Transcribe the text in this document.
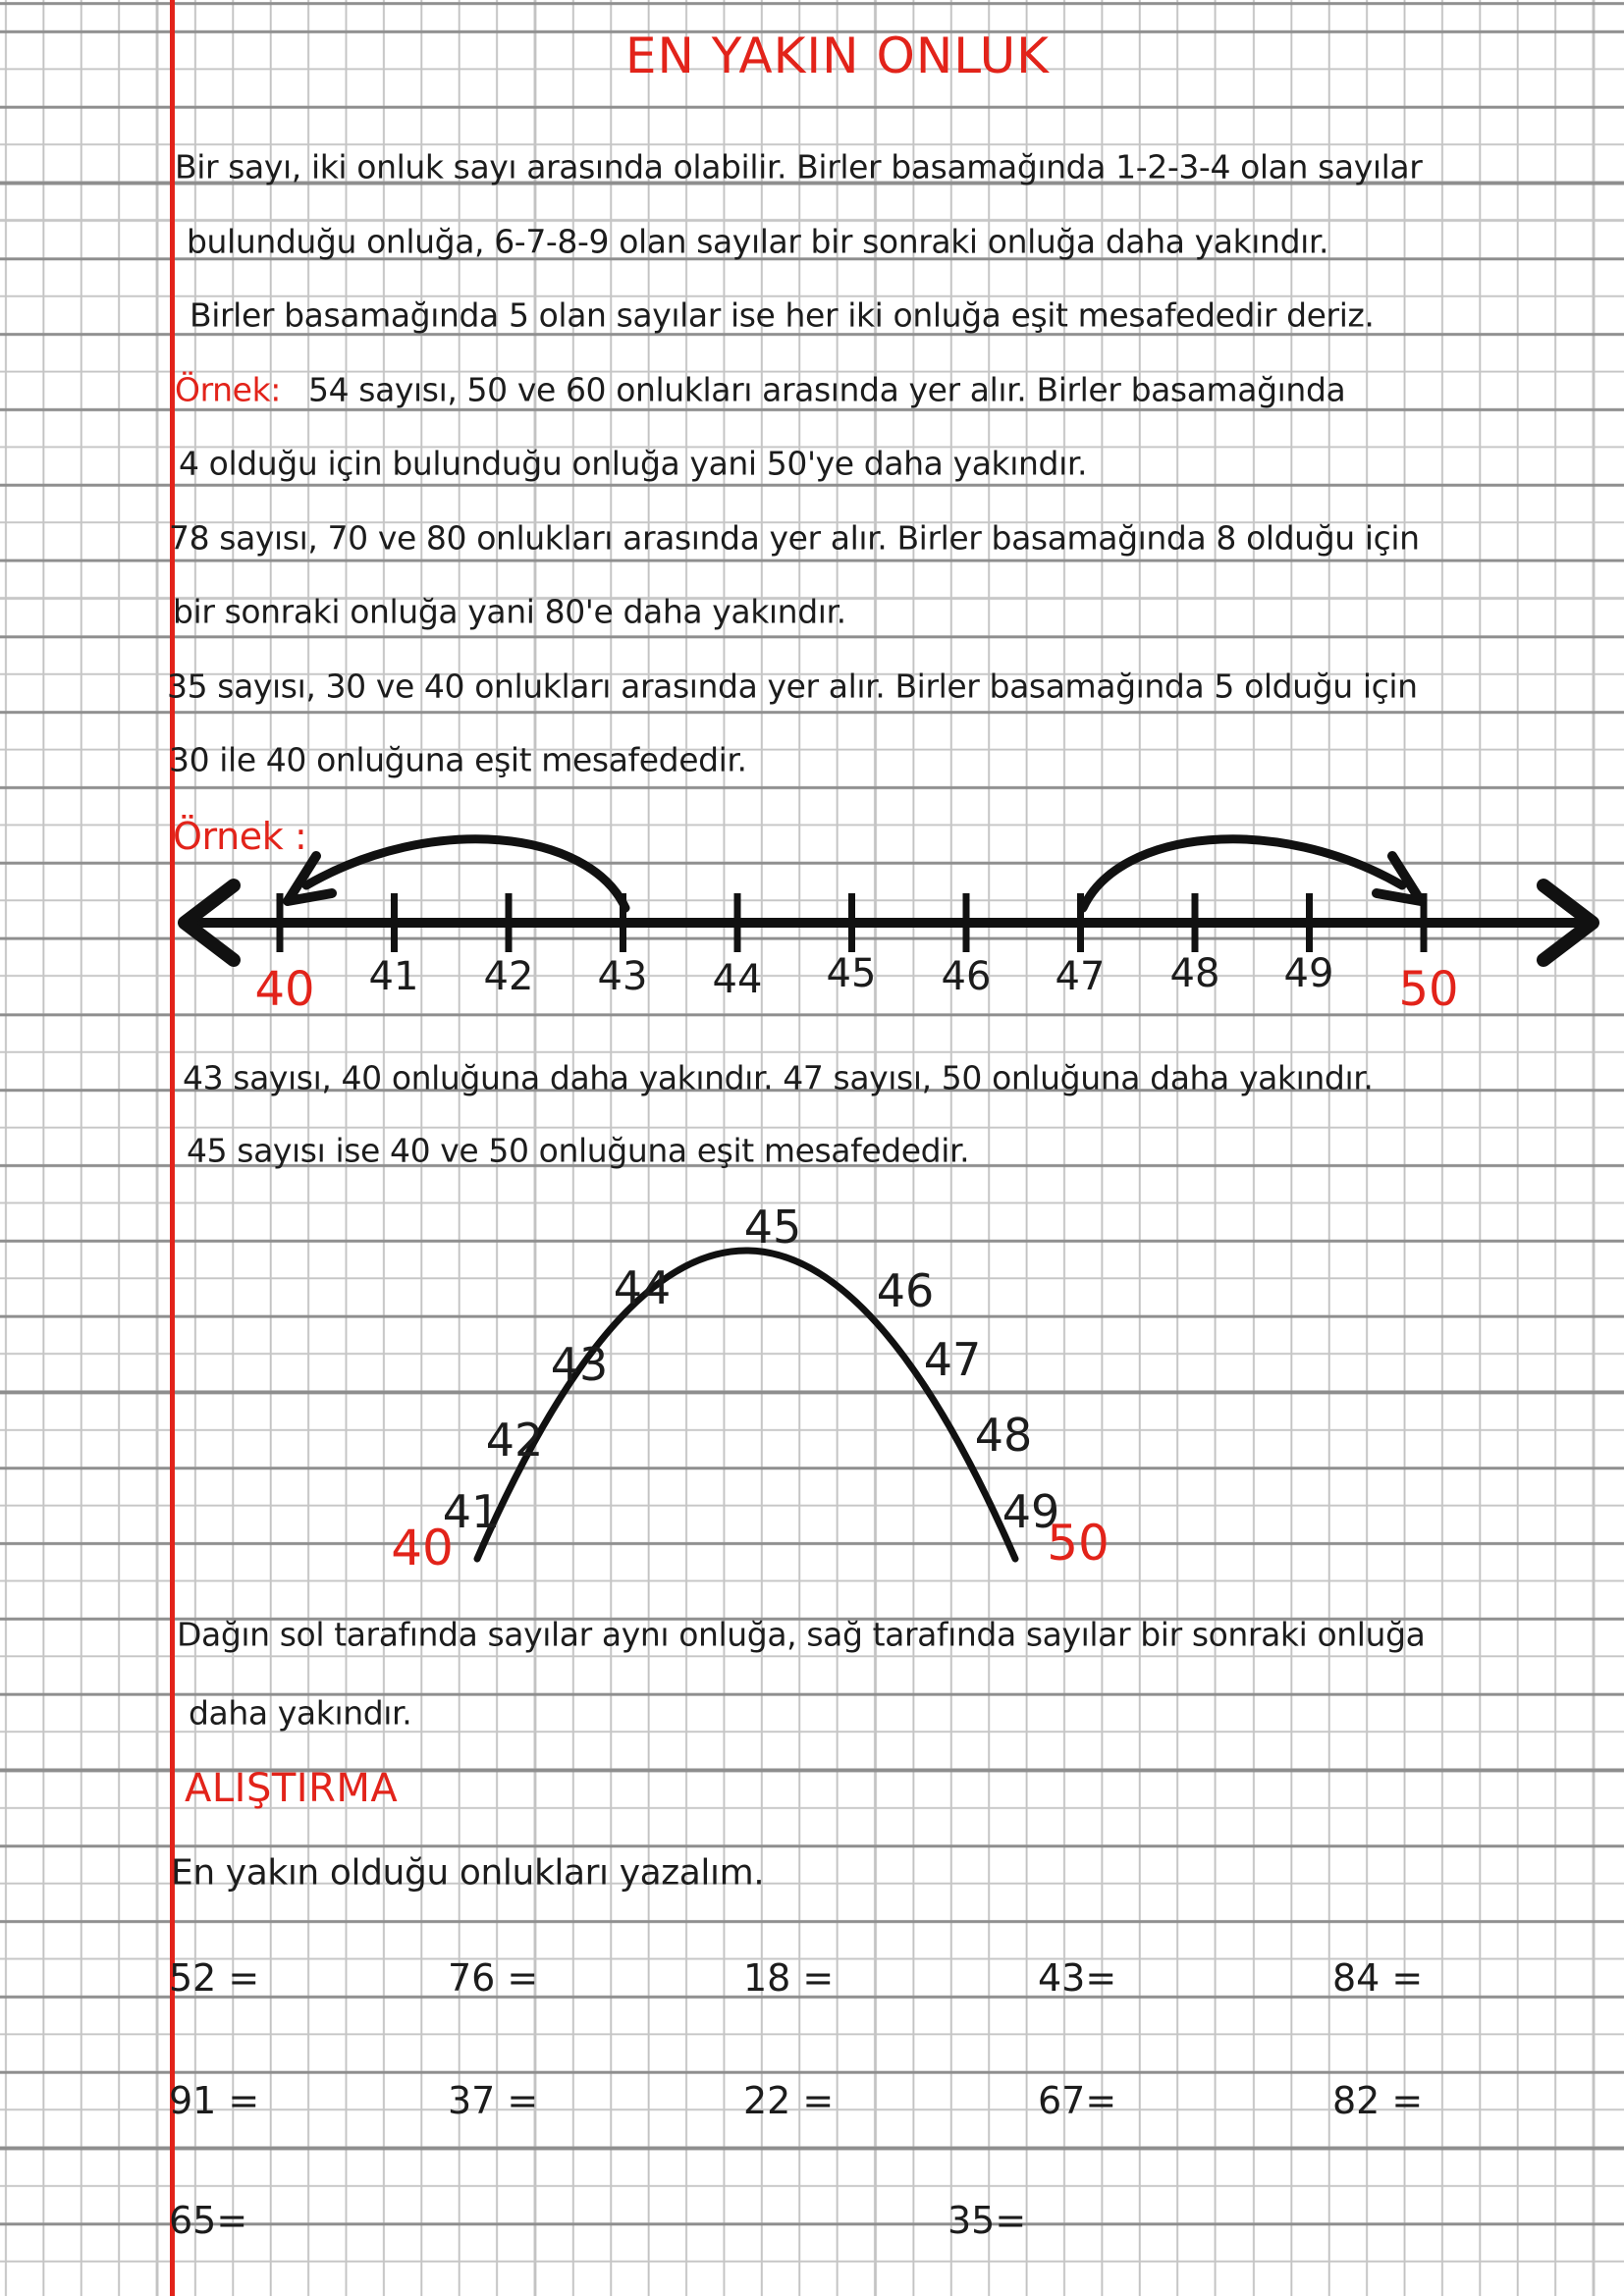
EN YAKIN ONLUK
Bir sayı, iki onluk sayı arasında olabilir. Birler basamağında 1-2-3-4 olan sayılar
bulunduğu onluğa, 6-7-8-9 olan sayılar bir sonraki onluğa daha yakındır.
Birler basamağında 5 olan sayılar ise her iki onluğa eşit mesafededir deriz.
Örnek: 54 sayısı, 50 ve 60 onlukları arasında yer alır. Birler basamağında
4 olduğu için bulunduğu onluğa yani 50'ye daha yakındır.
78 sayısı, 70 ve 80 onlukları arasında yer alır. Birler basamağında 8 olduğu için
bir sonraki onluğa yani 80'e daha yakındır.
35 sayısı, 30 ve 40 onlukları arasında yer alır. Birler basamağında 5 olduğu için
30 ile 40 onluğuna eşit mesafededir.
Örnek :
40 41 42 43 44 45 46 47 48 49 50
43 sayısı, 40 onluğuna daha yakındır. 47 sayısı, 50 onluğuna daha yakındır.
45 sayısı ise 40 ve 50 onluğuna eşit mesafededir.
40
41
42
43
44
45
46
47
48
49
50
Dağın sol tarafında sayılar aynı onluğa, sağ tarafında sayılar bir sonraki onluğa
daha yakındır.
ALIŞTIRMA
En yakın olduğu onlukları yazalım.
52 =	76 =	18 =	43=	84 =
91 =	37 =	22 =	67=	82 =
65=	35=
